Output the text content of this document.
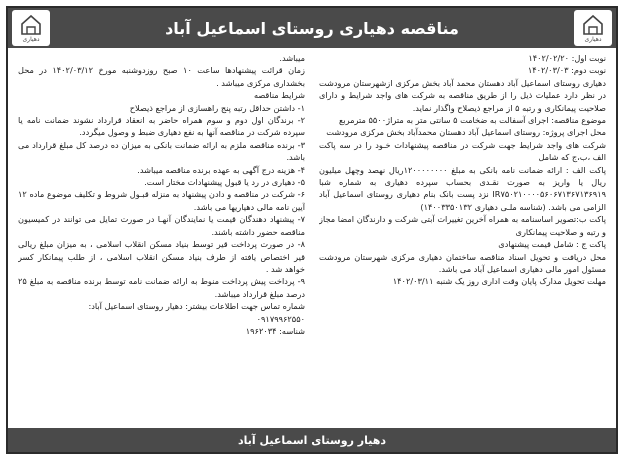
دهیاری
مناقصه دهیاری روستای اسماعیل آباد
دهیاری

نوبت اول: ۱۴۰۲/۰۲/۲۰

نوبت دوم: ۱۴۰۲/۰۳/۰۳

دهیاری روستای اسماعیل آباد دهستان محمد آباد بخش مرکزی ازشهرستان مرودشت در نظر دارد عملیات ذیل را از طریق مناقصه به شرکت های واجد شرایط و دارای صلاحیت پیمانکاری و رتبه ۵ از مراجع ذیصلاح واگذار نماید.

موضوع مناقصه: اجرای آسفالت به ضخامت ۵ سانتی متر به متراژ۵۵۰۰ مترمربع

محل اجرای پروژه: روستای اسماعیل آباد دهستان محمدآباد بخش مرکزی مرودشت

شرکت های واجد شرایط جهت شرکت در مناقصه پیشنهادات خـود را در سه پاکت الف ،ب،ج که شامل

پاکت الف : ارائه ضمانت نامه بانکی به مبلغ ۱۲۰۰۰۰۰۰۰۰ریال نهصد وچهل میلیون ریال یا واریز به صورت نقـدی بحساب سپرده دهیاری به شماره شبا IR۷۵۰۲۱۰۰۰۰۵۶۰۶۷۱۳۶۷۱۳۶۹۱۹ نزد پست بانک بنام دهیاری روستای اسماعیل آباد الزامی می باشد. (شناسه ملـی دهیاری ۱۴۰۰۳۳۵۰۱۳۲)

پاکت ب:تصویر اساسنامه به همراه آخرین تغییرات آبتی شرکت و دارندگان امضا مجاز و رتبه و صلاحیت پیمانکاری

پاکت ج : شامل قیمت پیشنهادی

محل دریافت و تحویل اسناد مناقصه ساختمان دهیاری مرکزی شهرستان مرودشت مسئول امور مالی دهیاری اسماعیل آباد می باشد.

مهلت تحویل مدارک پایان وقت اداری روز یک شنبه ۱۴۰۲/۰۳/۱۱

میباشد.

زمان قرائت پیشنهادها ساعت ۱۰ صبح روزدوشنبه مورخ ۱۴۰۲/۰۳/۱۲ در محل بخشداری مرکزی میباشد .

شرایط مناقصه

۱- داشتن حداقل رتبه پنج راهسازی از مراجع ذیصلاح

۲- برندگان اول دوم و سوم همراه حاضر به انعقاد قرارداد نشوند ضمانت نامه یا سپرده شرکت در مناقصه آنها به نفع دهیاری ضبط و وصول میگردد.

۳- برنده مناقصه ملزم به ارائه ضمانت بانکی به میزان ده درصد کل مبلغ قرارداد می باشد.

۴- هزینه درج آگهی به عهده برنده مناقصه میباشد.

۵- دهیاری در رد یا قبول پیشنهادات مختار است.

۶- شرکت در مناقصه و دادن پیشنهاد به منزله قبـول شروط و تکلیف موضوع ماده ۱۲ آیین نامه مالی دهیاریها می باشد.

۷- پیشنهاد دهندگان قیمت یا نمایندگان آنهـا در صورت تمایل می توانند در کمیسیون مناقصه حضور داشته باشند.

۸- در صورت پرداخت قیر توسط بنیاد مسکن انقلاب اسلامی ، به میزان مبلغ ریالی قیر اختصاص یافته از طرف بنیاد مسکن انقلاب اسلامی ، از طلب پیمانکار کسر خواهد شد .

۹- پرداخت پیش پرداخت منوط به ارائه ضمانت نامه توسط برنده مناقصه به مبلغ ۲۵ درصد مبلغ قرارداد میباشد.

شماره تماس جهت اطلاعات بیشتر: دهیار روستای اسماعیل آباد:

۰۹۱۷۹۹۶۲۵۵۰

شناسه: ۱۹۶۲۰۳۴

دهیار روستای اسماعیل آباد
